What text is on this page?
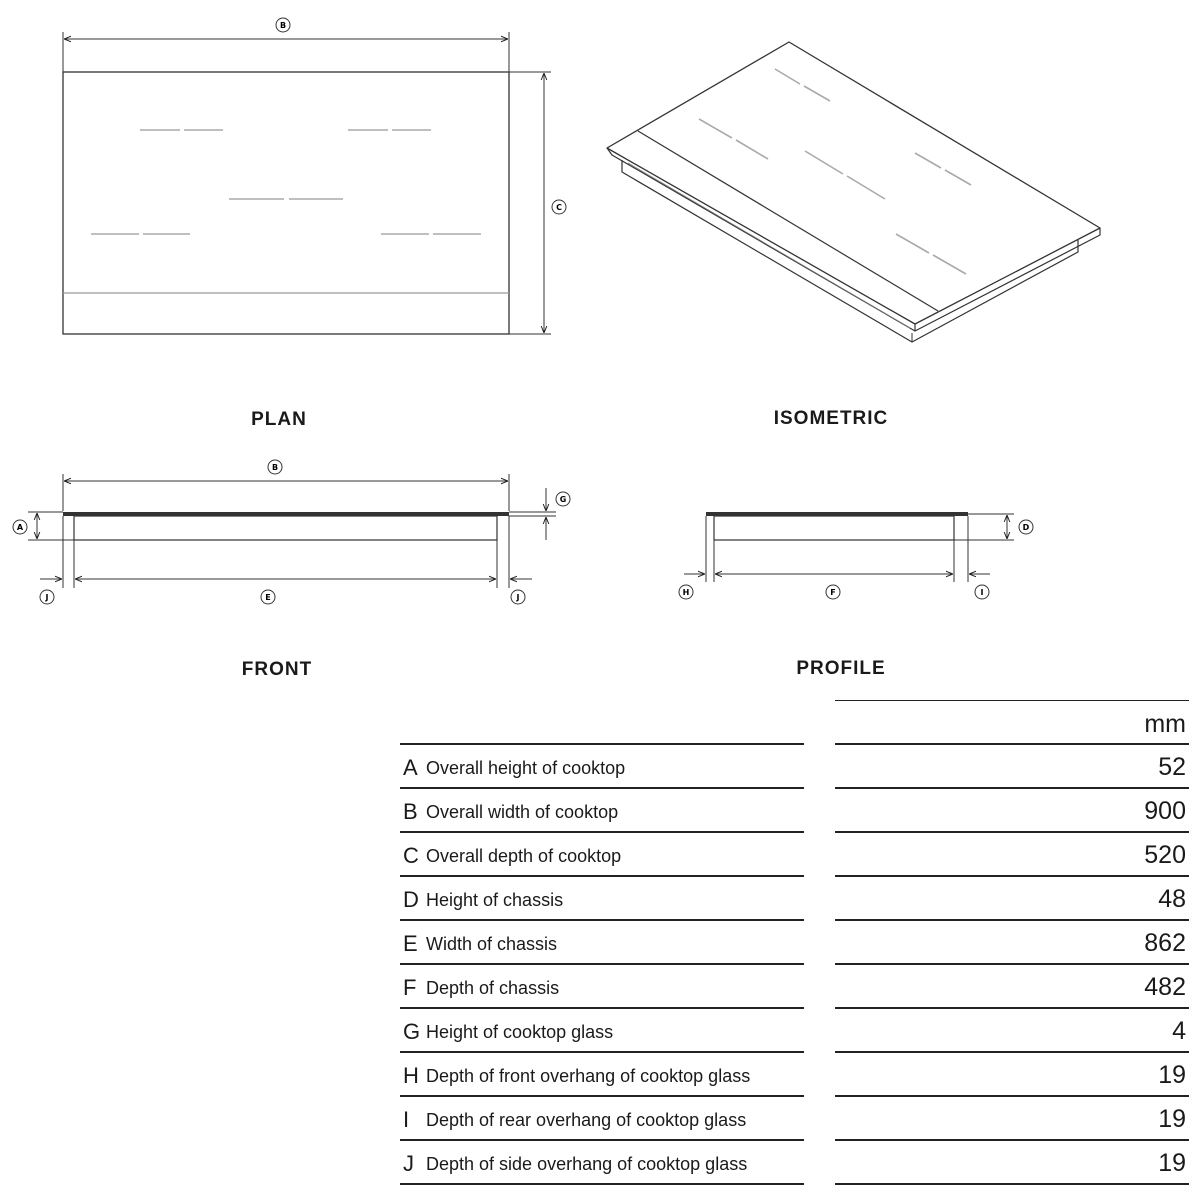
B
C
B
A
G
E
J	J
D
H	F	I
PLAN	ISOMETRIC
FRONT	PROFILE
mm
A Overall height of cooktop	52
B Overall width of cooktop	900
C Overall depth of cooktop	520
D Height of chassis	48
E Width of chassis	862
F Depth of chassis	482
G Height of cooktop glass	4
H Depth of front overhang of cooktop glass	19
I Depth of rear overhang of cooktop glass	19
J Depth of side overhang of cooktop glass	19
